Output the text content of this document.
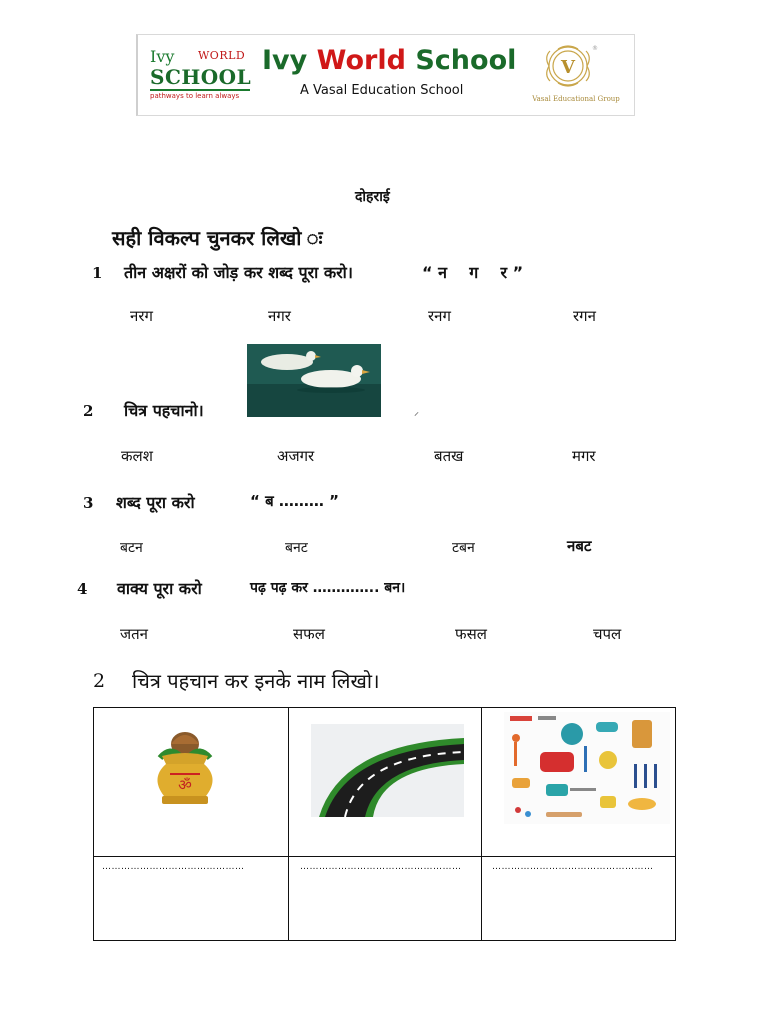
Ivy WORLD
SCHOOL
pathways to learn always
Ivy World School
A Vasal Education School
V
®
Vasal Educational Group
दोहराई
सही विकल्प चुनकर लिखो ः
1 तीन अक्षरों को जोड़ कर शब्द पूरा करो।	“ न    ग    र ”
नरग	नगर	रनग	रगन
⸝
2 चित्र पहचानो।
कलश	अजगर	बतख	मगर
3 शब्द पूरा करो	“ ब ……… ”
बटन	बनट	टबन	नबट
4 वाक्य पूरा करो	पढ़ पढ़ कर ………….. बन।
जतन	सफल	फसल	चपल
2 चित्र पहचान कर इनके नाम लिखो।
ॐ
………………………………………	……………………………………………	……………………………………………
